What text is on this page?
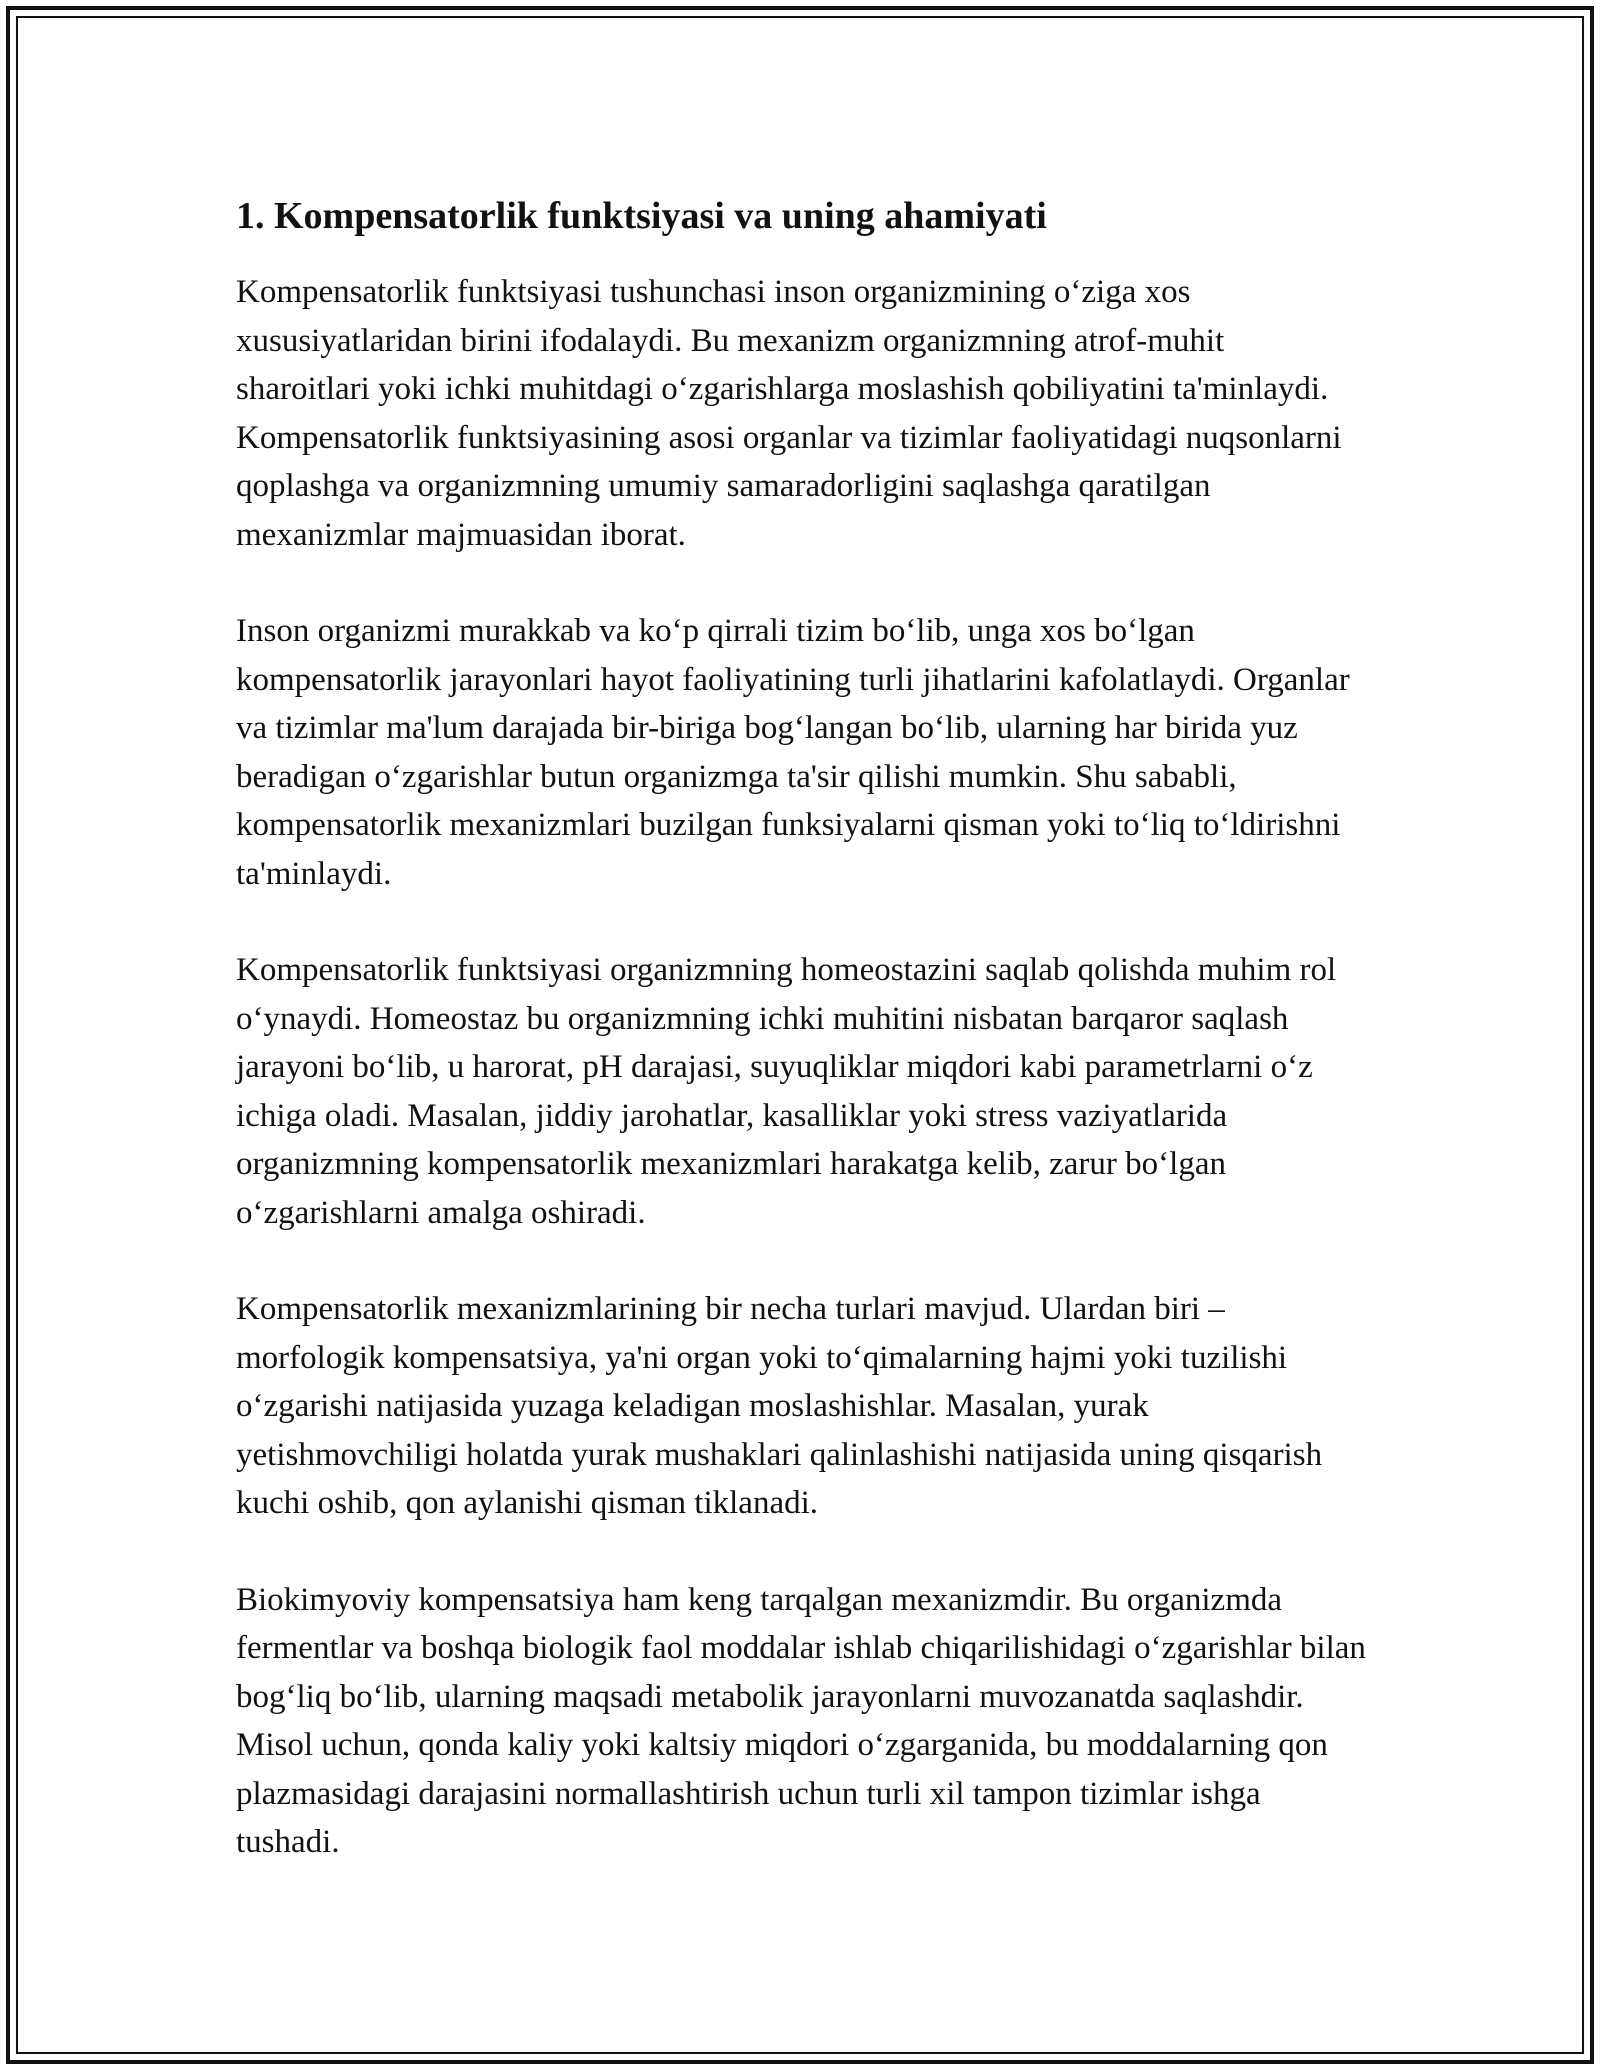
1. Kompensatorlik funktsiyasi va uning ahamiyati

Kompensatorlik funktsiyasi tushunchasi inson organizmining o‘ziga xos xususiyatlaridan birini ifodalaydi. Bu mexanizm organizmning atrof-muhit sharoitlari yoki ichki muhitdagi o‘zgarishlarga moslashish qobiliyatini ta'minlaydi. Kompensatorlik funktsiyasining asosi organlar va tizimlar faoliyatidagi nuqsonlarni qoplashga va organizmning umumiy samaradorligini saqlashga qaratilgan mexanizmlar majmuasidan iborat.

Inson organizmi murakkab va ko‘p qirrali tizim bo‘lib, unga xos bo‘lgan kompensatorlik jarayonlari hayot faoliyatining turli jihatlarini kafolatlaydi. Organlar va tizimlar ma'lum darajada bir-biriga bog‘langan bo‘lib, ularning har birida yuz beradigan o‘zgarishlar butun organizmga ta'sir qilishi mumkin. Shu sababli, kompensatorlik mexanizmlari buzilgan funksiyalarni qisman yoki to‘liq to‘ldirishni ta'minlaydi.

Kompensatorlik funktsiyasi organizmning homeostazini saqlab qolishda muhim rol o‘ynaydi. Homeostaz bu organizmning ichki muhitini nisbatan barqaror saqlash jarayoni bo‘lib, u harorat, pH darajasi, suyuqliklar miqdori kabi parametrlarni o‘z ichiga oladi. Masalan, jiddiy jarohatlar, kasalliklar yoki stress vaziyatlarida organizmning kompensatorlik mexanizmlari harakatga kelib, zarur bo‘lgan o‘zgarishlarni amalga oshiradi.

Kompensatorlik mexanizmlarining bir necha turlari mavjud. Ulardan biri – morfologik kompensatsiya, ya'ni organ yoki to‘qimalarning hajmi yoki tuzilishi o‘zgarishi natijasida yuzaga keladigan moslashishlar. Masalan, yurak yetishmovchiligi holatda yurak mushaklari qalinlashishi natijasida uning qisqarish kuchi oshib, qon aylanishi qisman tiklanadi.

Biokimyoviy kompensatsiya ham keng tarqalgan mexanizmdir. Bu organizmda fermentlar va boshqa biologik faol moddalar ishlab chiqarilishidagi o‘zgarishlar bilan bog‘liq bo‘lib, ularning maqsadi metabolik jarayonlarni muvozanatda saqlashdir. Misol uchun, qonda kaliy yoki kaltsiy miqdori o‘zgarganida, bu moddalarning qon plazmasidagi darajasini normallashtirish uchun turli xil tampon tizimlar ishga tushadi.
